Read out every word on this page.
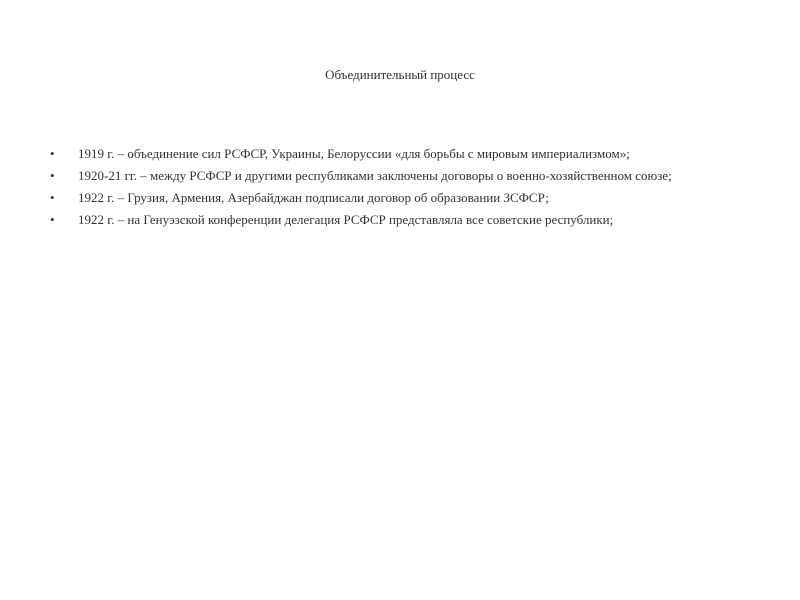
Объединительный процесс
•	1919 г. – объединение сил РСФСР, Украины, Белоруссии «для борьбы с мировым империализмом»;
•	1920-21 гг. – между РСФСР и другими республиками заключены договоры о военно-хозяйственном союзе;
•	1922 г. – Грузия, Армения, Азербайджан подписали договор об образовании ЗСФСР;
•	1922 г. – на Генуэзской конференции делегация РСФСР представляла все советские республики;
